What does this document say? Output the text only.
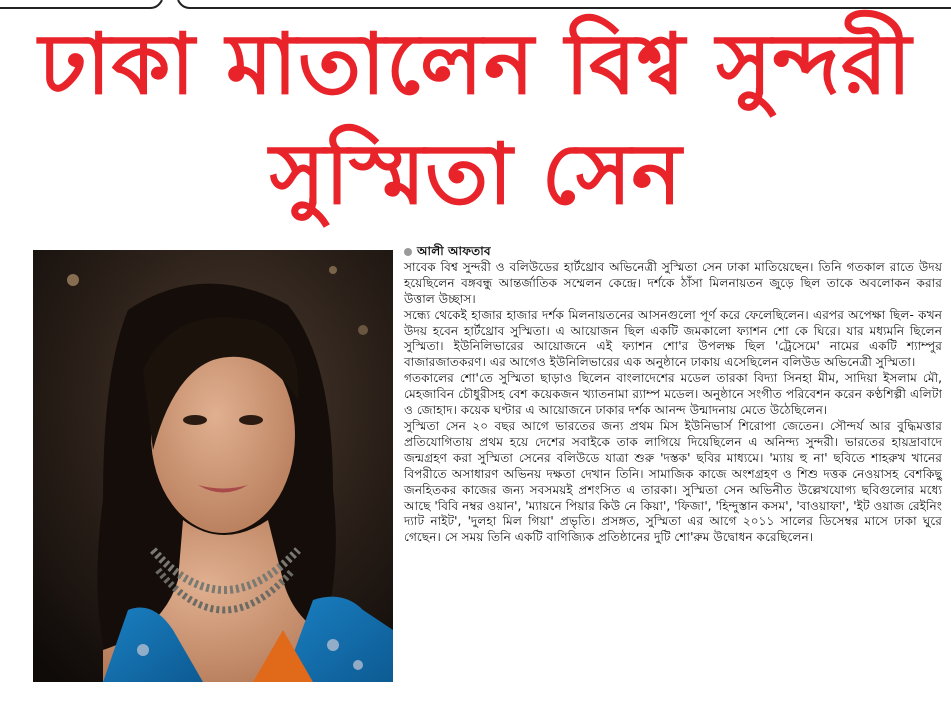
ঢাকা মাতালেন বিশ্ব সুন্দরী
সুস্মিতা সেন
আলী আফতাব

সাবেক বিশ্ব সুন্দরী ও বলিউডের হার্টথ্রোব অভিনেত্রী সুস্মিতা সেন ঢাকা মাতিয়েছেন। তিনি গতকাল রাতে উদয় হয়েছিলেন বঙ্গবন্ধু আন্তর্জাতিক সম্মেলন কেন্দ্রে। দর্শকে ঠাঁসা মিলনায়তন জুড়ে ছিল তাকে অবলোকন করার উত্তাল উচ্ছাস।

সন্ধ্যে থেকেই হাজার হাজার দর্শক মিলনায়তনের আসনগুলো পূর্ণ করে ফেলেছিলেন। এরপর অপেক্ষা ছিল- কখন উদয় হবেন হার্টথ্রোব সুস্মিতা। এ আয়োজন ছিল একটি জমকালো ফ্যাশন শো কে ঘিরে। যার মধ্যমনি ছিলেন সুস্মিতা। ইউনিলিভারের আয়োজনে এই ফ্যাশন শো'র উপলক্ষ ছিল 'ট্রেসেমে' নামের একটি শ্যাম্পুর বাজারজাতকরণ। এর আগেও ইউনিলিভারের এক অনুষ্ঠানে ঢাকায় এসেছিলেন বলিউড অভিনেত্রী সুস্মিতা।

গতকালের শো'তে সুস্মিতা ছাড়াও ছিলেন বাংলাদেশের মডেল তারকা বিদ্যা সিনহা মীম, সাদিয়া ইসলাম মৌ, মেহজাবিন চৌধুরীসহ বেশ কয়েকজন খ্যাতনামা র‍্যাম্প মডেল। অনুষ্ঠানে সংগীত পরিবেশন করেন কণ্ঠশিল্পী এলিটা ও জোহাদ। কয়েক ঘণ্টার এ আয়োজনে ঢাকার দর্শক আনন্দ উন্মাদনায় মেতে উঠেছিলেন।

সুস্মিতা সেন ২০ বছর আগে ভারতের জন্য প্রথম মিস ইউনিভার্স শিরোপা জেতেন। সৌন্দর্য আর বুদ্ধিমত্তার প্রতিযোগিতায় প্রথম হয়ে দেশের সবাইকে তাক লাগিয়ে দিয়েছিলেন এ অনিন্দ্য সুন্দরী। ভারতের হায়দ্রাবাদে জন্মগ্রহণ করা সুস্মিতা সেনের বলিউডে যাত্রা শুরু 'দস্তক' ছবির মাধ্যমে। 'ম্যায় হু না' ছবিতে শাহরুখ খানের বিপরীতে অসাধারণ অভিনয় দক্ষতা দেখান তিনি। সামাজিক কাজে অংশগ্রহণ ও শিশু দত্তক নেওয়াসহ বেশকিছু জনহিতকর কাজের জন্য সবসময়ই প্রশংসিত এ তারকা। সুস্মিতা সেন অভিনীত উল্লেখযোগ্য ছবিগুলোর মধ্যে আছে 'বিবি নম্বর ওয়ান', 'ম্যায়নে পিয়ার কিউ নে কিয়া', 'ফিজা', 'হিন্দুস্তান কসম', 'বাওয়াফা', 'ইট ওয়াজ রেইনিং দ্যাট নাইট', 'দুলহা মিল গিয়া' প্রভৃতি। প্রসঙ্গত, সুস্মিতা এর আগে ২০১১ সালের ডিসেম্বর মাসে ঢাকা ঘুরে গেছেন। সে সময় তিনি একটি বাণিজ্যিক প্রতিষ্ঠানের দুটি শো'রুম উদ্বোধন করেছিলেন।
